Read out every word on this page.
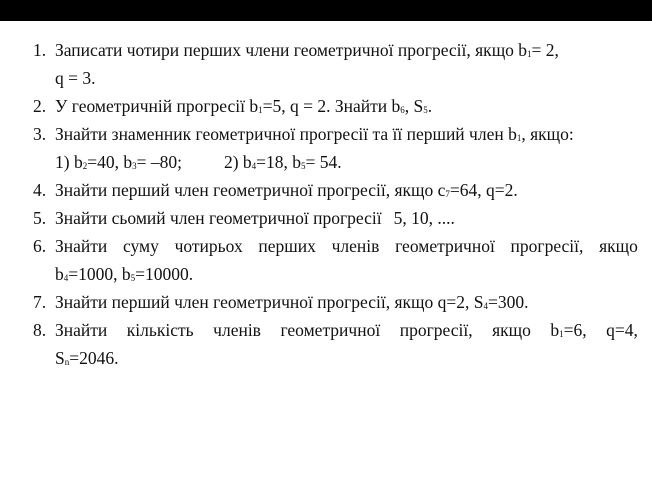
1. Записати чотири перших члени геометричної прогресії, якщо $b_1= 2$,
q = 3.
2. У геометричній прогресії $b_1=5$, q = 2. Знайти $b_6$, $S_5$.
3. Знайти знаменник геометричної прогресії та її перший член $b_1$, якщо:
1) $b_2=40$, $b_3= -80$; 2) $b_4=18$, $b_5= 54$.
4. Знайти перший член геометричної прогресії, якщо $c_7=64$, q=2.
5. Знайти сьомий член геометричної прогресії 5, 10, ....
6. Знайти суму чотирьох перших членів геометричної прогресії, якщо
$b_4=1000$, $b_5=10000$.
7. Знайти перший член геометричної прогресії, якщо q=2, $S_4=300$.
8. Знайти кількість членів геометричної прогресії, якщо $b_1=6$, q=4,
$S_n=2046$.
